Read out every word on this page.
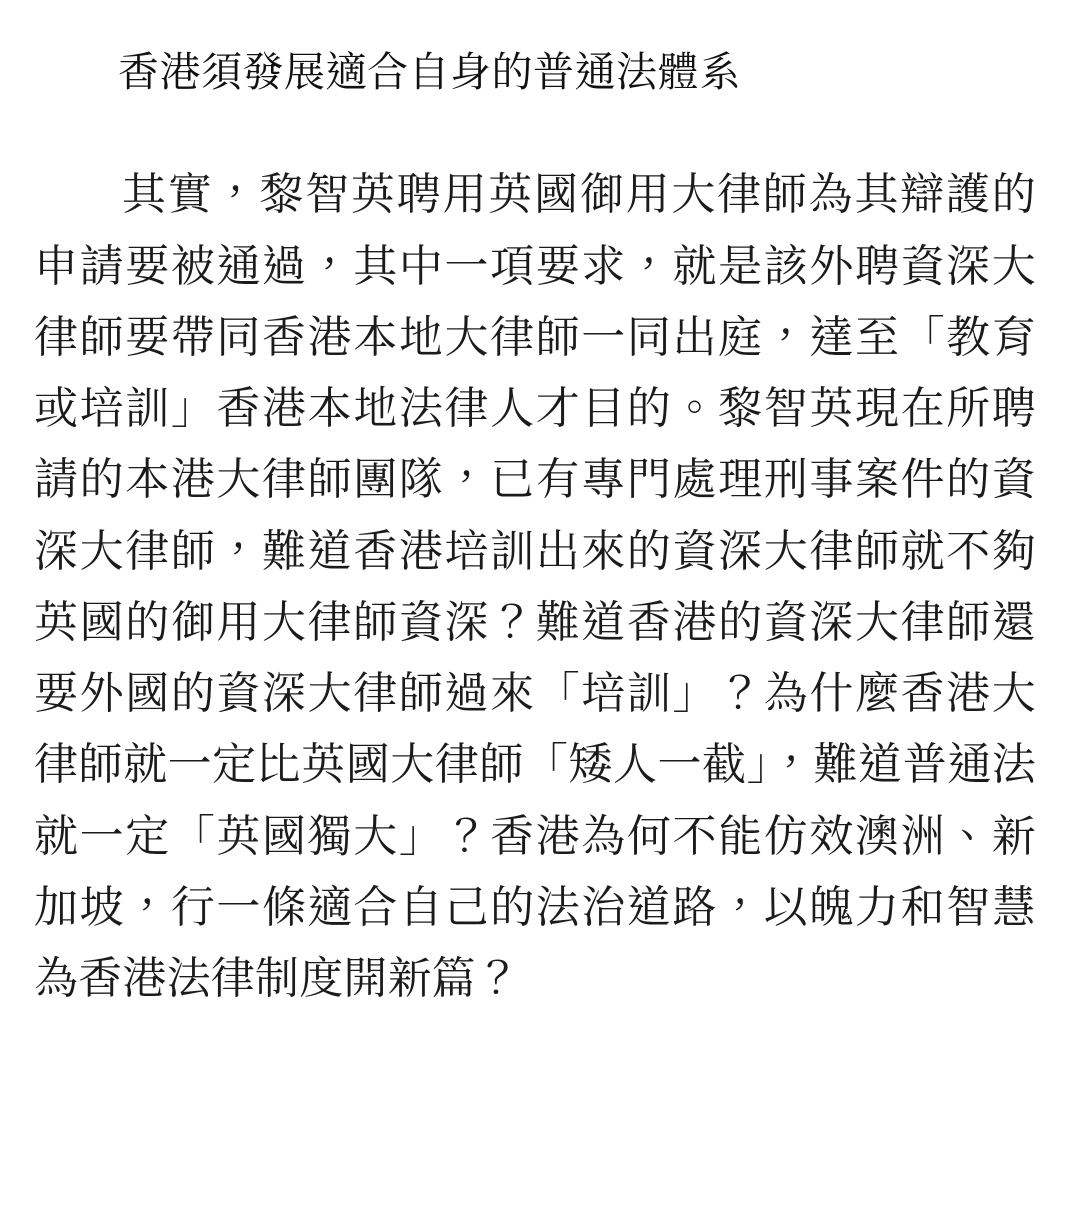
香港須發展適合自身的普通法體系

其實，黎智英聘用英國御用大律師為其辯護的申請要被通過，其中一項要求，就是該外聘資深大律師要帶同香港本地大律師一同出庭，達至「教育或培訓」香港本地法律人才目的。黎智英現在所聘請的本港大律師團隊，已有專門處理刑事案件的資深大律師，難道香港培訓出來的資深大律師就不夠英國的御用大律師資深？難道香港的資深大律師還要外國的資深大律師過來「培訓」？為什麼香港大律師就一定比英國大律師「矮人一截」，難道普通法就一定「英國獨大」？香港為何不能仿效澳洲、新加坡，行一條適合自己的法治道路，以魄力和智慧為香港法律制度開新篇？
